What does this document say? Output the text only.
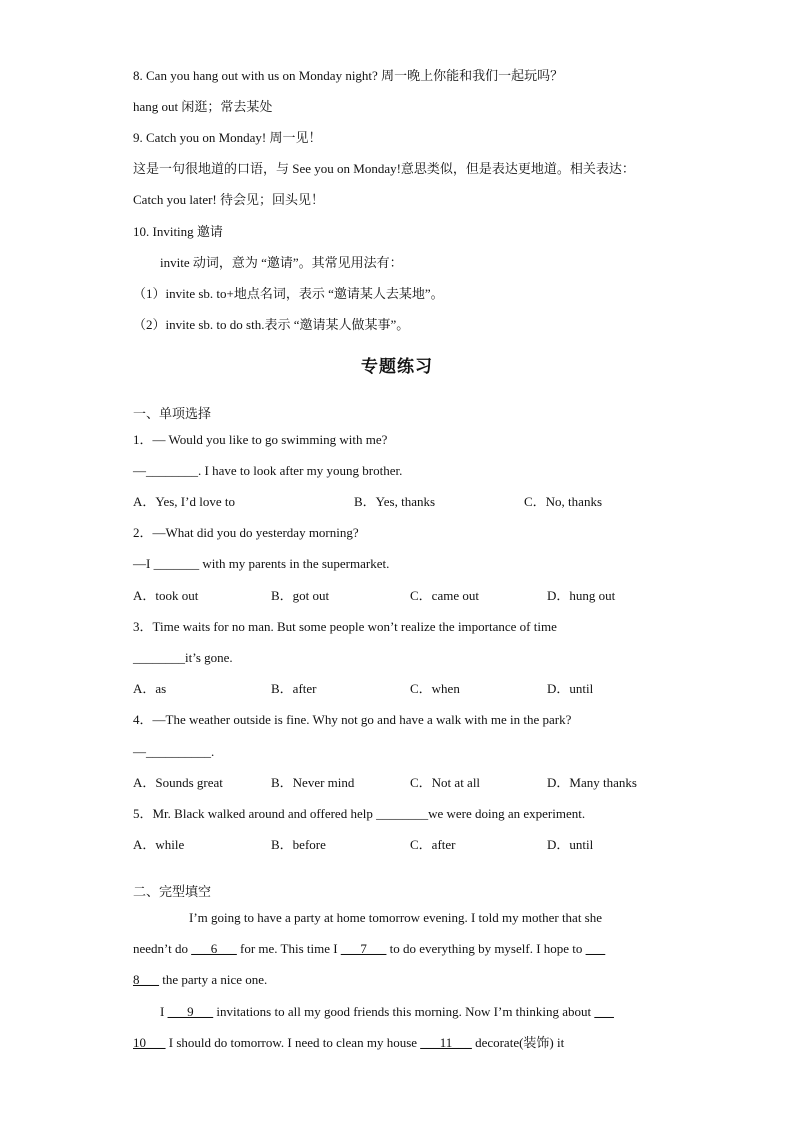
8. Can you hang out with us on Monday night? 周一晚上你能和我们一起玩吗？
hang out 闲逛；常去某处
9. Catch you on Monday! 周一见！
这是一句很地道的口语，与 See you on Monday!意思类似，但是表达更地道。相关表达：
Catch you later! 待会见；回头见！
10. Inviting 邀请
invite 动词，意为 “邀请”。其常见用法有：
（1）invite sb. to+地点名词，表示 “邀请某人去某地”。
（2）invite sb. to do sth.表示 “邀请某人做某事”。
专题练习
一、单项选择
1．— Would you like to go swimming with me?
—________. I have to look after my young brother.
A．Yes, I’d love to	B．Yes, thanks	C．No, thanks
2．—What did you do yesterday morning?
—I _______ with my parents in the supermarket.
A．took out	B．got out	C．came out	D．hung out
3．Time waits for no man. But some people won’t realize the importance of time
________it’s gone.
A．as	B．after	C．when	D．until
4．—The weather outside is fine. Why not go and have a walk with me in the park?
—__________.
A．Sounds great	B．Never mind	C．Not at all	D．Many thanks
5．Mr. Black walked around and offered help ________we were doing an experiment.
A．while	B．before	C．after	D．until
二、完型填空
I’m going to have a party at home tomorrow evening. I told my mother that she
needn’t do ___6___ for me. This time I ___7___ to do everything by myself. I hope to ___
8___ the party a nice one.
I ___9___ invitations to all my good friends this morning. Now I’m thinking about ___
10___ I should do tomorrow. I need to clean my house ___11___ decorate(装饰) it
